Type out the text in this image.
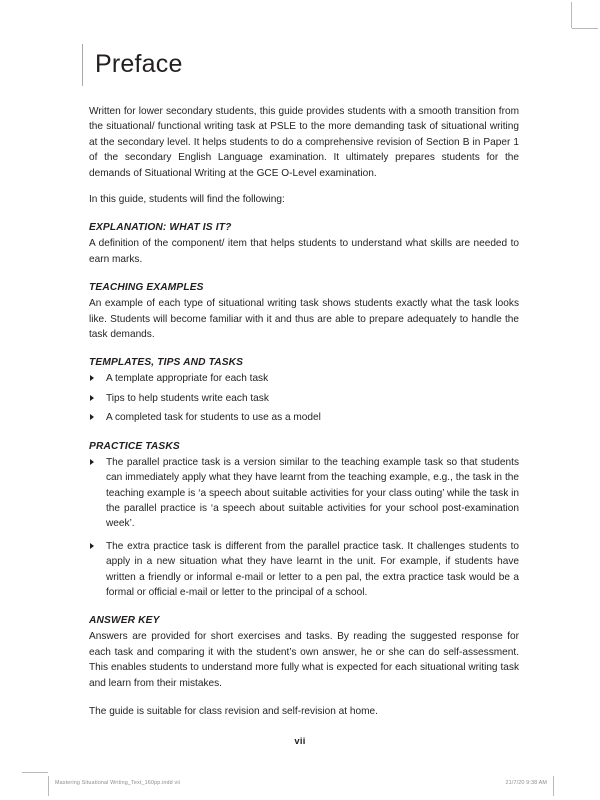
Preface

Written for lower secondary students, this guide provides students with a smooth transition from the situational/ functional writing task at PSLE to the more demanding task of situational writing at the secondary level. It helps students to do a comprehensive revision of Section B in Paper 1 of the secondary English Language examination. It ultimately prepares students for the demands of Situational Writing at the GCE O-Level examination.

In this guide, students will find the following:

EXPLANATION: WHAT IS IT?

A definition of the component/ item that helps students to understand what skills are needed to earn marks.

TEACHING EXAMPLES

An example of each type of situational writing task shows students exactly what the task looks like. Students will become familiar with it and thus are able to prepare adequately to handle the task demands.

TEMPLATES, TIPS AND TASKS
A template appropriate for each task
Tips to help students write each task
A completed task for students to use as a model
PRACTICE TASKS
The parallel practice task is a version similar to the teaching example task so that students can immediately apply what they have learnt from the teaching example, e.g., the task in the teaching example is ‘a speech about suitable activities for your class outing’ while the task in the parallel practice is ‘a speech about suitable activities for your school post-examination week’.
The extra practice task is different from the parallel practice task. It challenges students to apply in a new situation what they have learnt in the unit. For example, if students have written a friendly or informal e-mail or letter to a pen pal, the extra practice task would be a formal or official e-mail or letter to the principal of a school.
ANSWER KEY

Answers are provided for short exercises and tasks. By reading the suggested response for each task and comparing it with the student’s own answer, he or she can do self-assessment. This enables students to understand more fully what is expected for each situational writing task and learn from their mistakes.

The guide is suitable for class revision and self-revision at home.

vii
Mastering Situational Writing_Text_160pp.indd vii	21/7/20 9:38 AM
